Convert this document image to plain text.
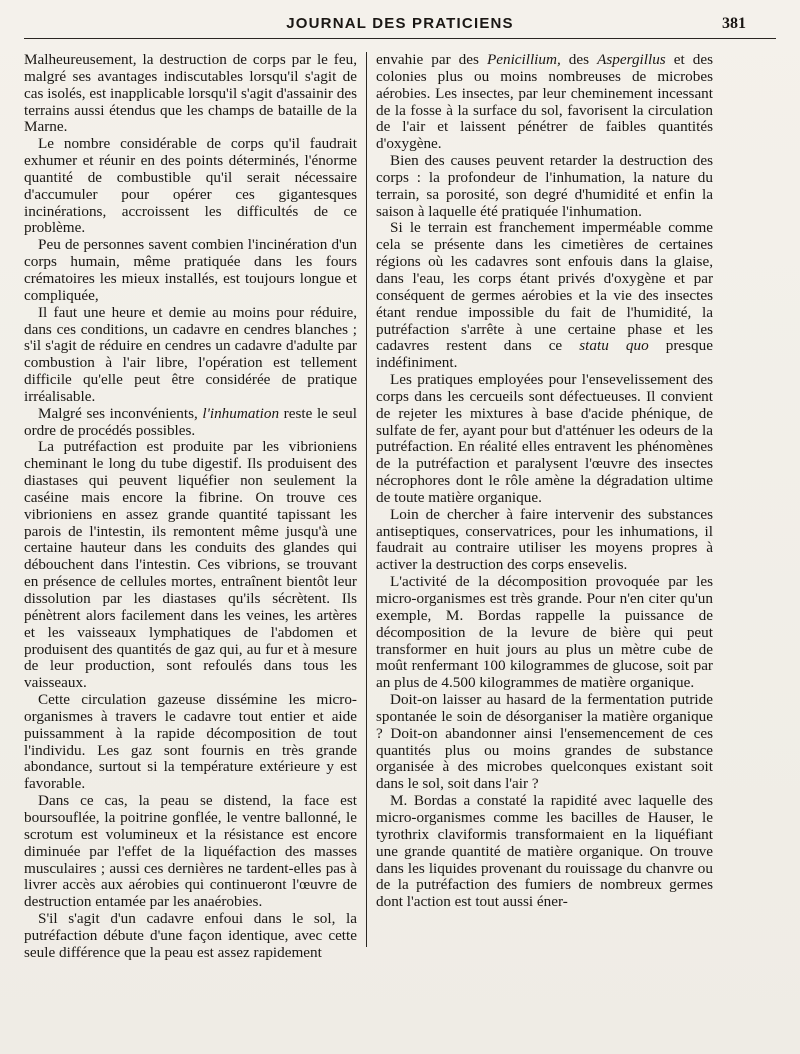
JOURNAL DES PRATICIENS	381

Malheureusement, la destruction de corps par le feu, malgré ses avantages indiscutables lorsqu'il s'agit de cas isolés, est inapplicable lorsqu'il s'agit d'assainir des terrains aussi étendus que les champs de bataille de la Marne.

Le nombre considérable de corps qu'il faudrait exhumer et réunir en des points déterminés, l'énorme quantité de combustible qu'il serait nécessaire d'accumuler pour opérer ces gigantesques incinérations, accroissent les difficultés de ce problème.

Peu de personnes savent combien l'incinération d'un corps humain, même pratiquée dans les fours crématoires les mieux installés, est toujours longue et compliquée,

Il faut une heure et demie au moins pour réduire, dans ces conditions, un cadavre en cendres blanches ; s'il s'agit de réduire en cendres un cadavre d'adulte par combustion à l'air libre, l'opération est tellement difficile qu'elle peut être considérée de pratique irréalisable.

Malgré ses inconvénients, l'inhumation reste le seul ordre de procédés possibles.

La putréfaction est produite par les vibrioniens cheminant le long du tube digestif. Ils produisent des diastases qui peuvent liquéfier non seulement la caséine mais encore la fibrine. On trouve ces vibrioniens en assez grande quantité tapissant les parois de l'intestin, ils remontent même jusqu'à une certaine hauteur dans les conduits des glandes qui débouchent dans l'intestin. Ces vibrions, se trouvant en présence de cellules mortes, entraînent bientôt leur dissolution par les diastases qu'ils sécrètent. Ils pénètrent alors facilement dans les veines, les artères et les vaisseaux lymphatiques de l'abdomen et produisent des quantités de gaz qui, au fur et à mesure de leur production, sont refoulés dans tous les vaisseaux.

Cette circulation gazeuse dissémine les micro-organismes à travers le cadavre tout entier et aide puissamment à la rapide décomposition de tout l'individu. Les gaz sont fournis en très grande abondance, surtout si la température extérieure y est favorable.

Dans ce cas, la peau se distend, la face est boursouflée, la poitrine gonflée, le ventre ballonné, le scrotum est volumineux et la résistance est encore diminuée par l'effet de la liquéfaction des masses musculaires ; aussi ces dernières ne tardent-elles pas à livrer accès aux aérobies qui continueront l'œuvre de destruction entamée par les anaérobies.

S'il s'agit d'un cadavre enfoui dans le sol, la putréfaction débute d'une façon identique, avec cette seule différence que la peau est assez rapidement

envahie par des Penicillium, des Aspergillus et des colonies plus ou moins nombreuses de microbes aérobies. Les insectes, par leur cheminement incessant de la fosse à la surface du sol, favorisent la circulation de l'air et laissent pénétrer de faibles quantités d'oxygène.

Bien des causes peuvent retarder la destruction des corps : la profondeur de l'inhumation, la nature du terrain, sa porosité, son degré d'humidité et enfin la saison à laquelle été pratiquée l'inhumation.

Si le terrain est franchement imperméable comme cela se présente dans les cimetières de certaines régions où les cadavres sont enfouis dans la glaise, dans l'eau, les corps étant privés d'oxygène et par conséquent de germes aérobies et la vie des insectes étant rendue impossible du fait de l'humidité, la putréfaction s'arrête à une certaine phase et les cadavres restent dans ce statu quo presque indéfiniment.

Les pratiques employées pour l'ensevelissement des corps dans les cercueils sont défectueuses. Il convient de rejeter les mixtures à base d'acide phénique, de sulfate de fer, ayant pour but d'atténuer les odeurs de la putréfaction. En réalité elles entravent les phénomènes de la putréfaction et paralysent l'œuvre des insectes nécrophores dont le rôle amène la dégradation ultime de toute matière organique.

Loin de chercher à faire intervenir des substances antiseptiques, conservatrices, pour les inhumations, il faudrait au contraire utiliser les moyens propres à activer la destruction des corps ensevelis.

L'activité de la décomposition provoquée par les micro-organismes est très grande. Pour n'en citer qu'un exemple, M. Bordas rappelle la puissance de décomposition de la levure de bière qui peut transformer en huit jours au plus un mètre cube de moût renfermant 100 kilogrammes de glucose, soit par an plus de 4.500 kilogrammes de matière organique.

Doit-on laisser au hasard de la fermentation putride spontanée le soin de désorganiser la matière organique ? Doit-on abandonner ainsi l'ensemencement de ces quantités plus ou moins grandes de substance organisée à des microbes quelconques existant soit dans le sol, soit dans l'air ?

M. Bordas a constaté la rapidité avec laquelle des micro-organismes comme les bacilles de Hauser, le tyrothrix claviformis transformaient en la liquéfiant une grande quantité de matière organique. On trouve dans les liquides provenant du rouissage du chanvre ou de la putréfaction des fumiers de nombreux germes dont l'action est tout aussi éner-
